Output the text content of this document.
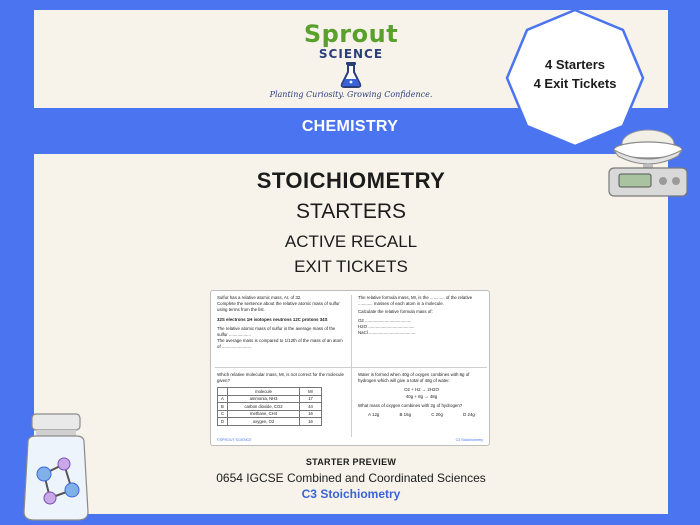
Sprout
SCIENCE
Planting Curiosity. Growing Confidence.
CHEMISTRY
STOICHIOMETRY
STARTERS
ACTIVE RECALL
EXIT TICKETS
Sulfur has a relative atomic mass, Ar, of 32.
Complete the sentence about the relative atomic mass of sulfur using terms from the list.
32S electrons 1H isotopes neutrons 12C protons 34S
The relative atomic mass of sulfur is the average mass of the
sulfur ..................
The average mass is compared to 1/12th of the mass of an atom
of ........................
The relative formula mass, Mr, is the ............ of the relative
............ masses of each atom in a molecule.
Calculate the relative formula mass of:
O2 ......................................
H2O ......................................
NaCl ......................................
Which relative molecular mass, Mr, is not correct for the molecule given?
	molecule	Mr
A	ammonia, NH3	17
B	carbon dioxide, CO2	44
C	methane, CH4	16
D	oxygen, O2	16
Water is formed when 40g of oxygen combines with 8g of
hydrogen which will give a total of 48g of water.
O2 + H2 → 2H2O
40g + 8g → 48g
What mass of oxygen combines with 2g of hydrogen?
A 12g	B 16g	C 20g	D 24g
©SPROUT SCIENCE	C3 Stoichiometry
STARTER PREVIEW
0654 IGCSE Combined and Coordinated Sciences
C3 Stoichiometry
4 Starters
4 Exit Tickets
